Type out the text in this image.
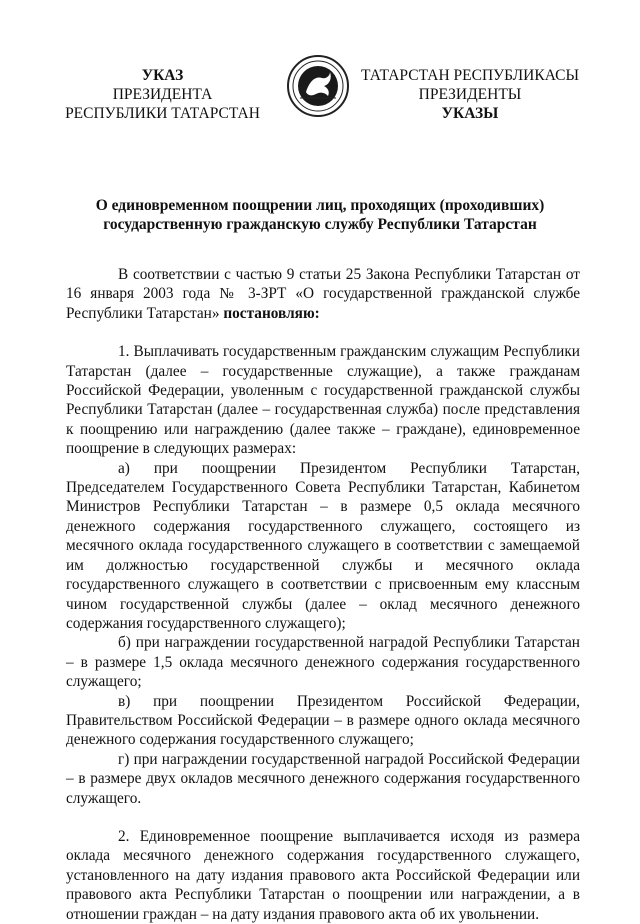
УКАЗ
ПРЕЗИДЕНТА
РЕСПУБЛИКИ ТАТАРСТАН
ТАТАРСТАН РЕСПУБЛИКАСЫ
ПРЕЗИДЕНТЫ
УКАЗЫ
О единовременном поощрении лиц, проходящих (проходивших)
государственную гражданскую службу Республики Татарстан

В соответствии с частью 9 статьи 25 Закона Республики Татарстан от 16 января 2003 года № 3-ЗРТ «О государственной гражданской службе Республики Татарстан» постановляю:

1. Выплачивать государственным гражданским служащим Республики Татарстан (далее – государственные служащие), а также гражданам Российской Федерации, уволенным с государственной гражданской службы Республики Татарстан (далее – государственная служба) после представления к поощрению или награждению (далее также – граждане), единовременное поощрение в следующих размерах:

а) при поощрении Президентом Республики Татарстан, Председателем Государственного Совета Республики Татарстан, Кабинетом Министров Республики Татарстан – в размере 0,5 оклада месячного денежного содержания государственного служащего, состоящего из месячного оклада государственного служащего в соответствии с замещаемой им должностью государственной службы и месячного оклада государственного служащего в соответствии с присвоенным ему классным чином государственной службы (далее – оклад месячного денежного содержания государственного служащего);

б) при награждении государственной наградой Республики Татарстан – в размере 1,5 оклада месячного денежного содержания государственного служащего;

в) при поощрении Президентом Российской Федерации, Правительством Российской Федерации – в размере одного оклада месячного денежного содержания государственного служащего;

г) при награждении государственной наградой Российской Федерации – в размере двух окладов месячного денежного содержания государственного служащего.

2. Единовременное поощрение выплачивается исходя из размера оклада месячного денежного содержания государственного служащего, установленного на дату издания правового акта Российской Федерации или правового акта Республики Татарстан о поощрении или награждении, а в отношении граждан – на дату издания правового акта об их увольнении.
